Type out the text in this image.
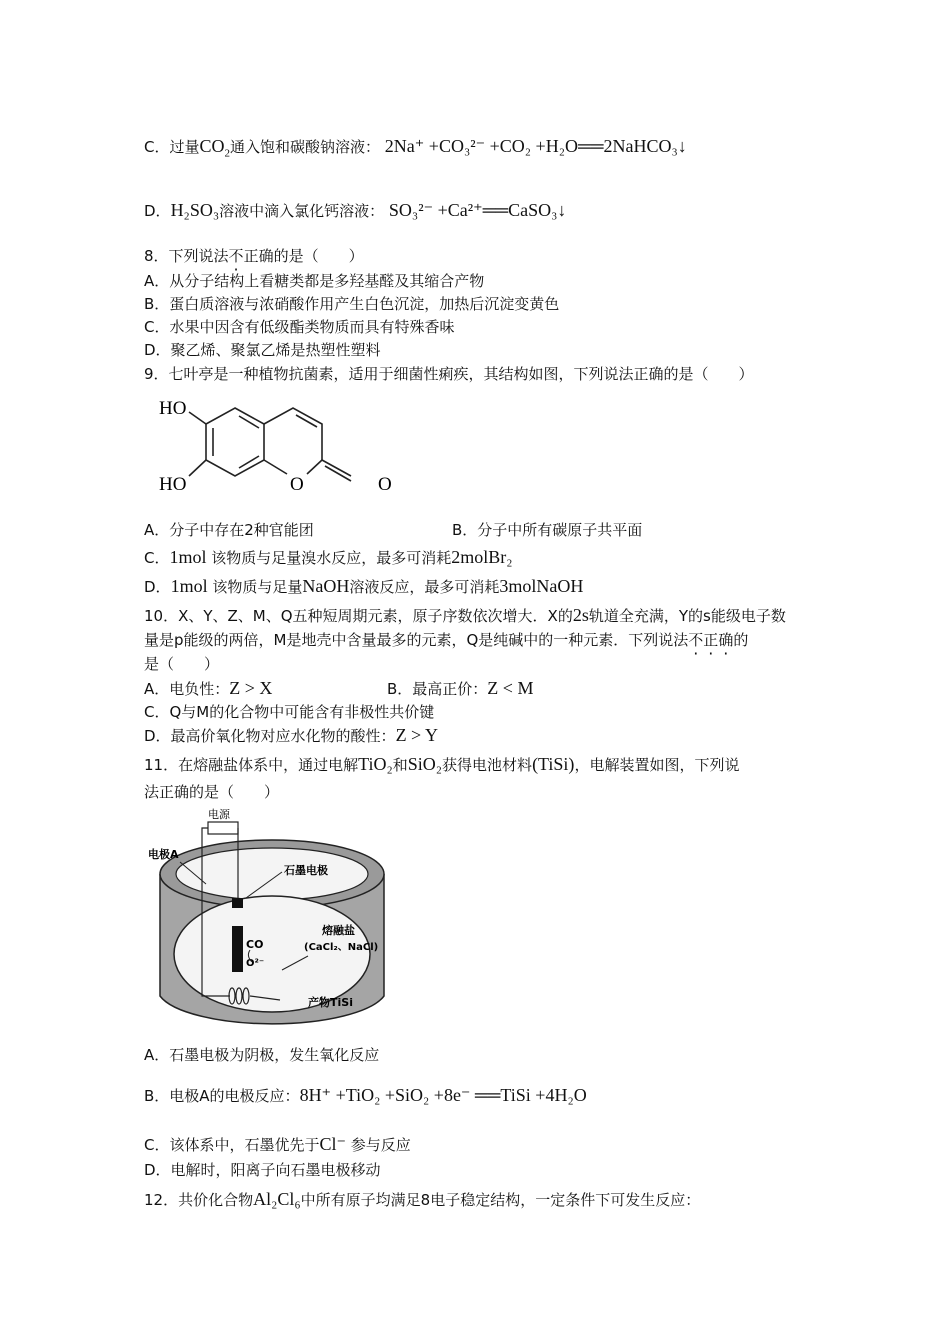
C．过量$CO_2$通入饱和碳酸钠溶液： 2Na⁺ +CO₃²⁻ +CO₂ +H₂O══2NaHCO₃↓
D．H₂SO₃溶液中滴入氯化钙溶液： SO₃²⁻ +Ca²⁺══CaSO₃↓
8．下列说法不正确的是（　　）
A．从分子结构上看糖类都是多羟基醛及其缩合产物
B．蛋白质溶液与浓硝酸作用产生白色沉淀，加热后沉淀变黄色
C．水果中因含有低级酯类物质而具有特殊香味
D．聚乙烯、聚氯乙烯是热塑性塑料
9．七叶亭是一种植物抗菌素，适用于细菌性痢疾，其结构如图，下列说法正确的是（　　）
HO
HO	O	O
A．分子中存在2种官能团	B．分子中所有碳原子共平面
C．1mol 该物质与足量溴水反应，最多可消耗2molBr₂
D．1mol 该物质与足量NaOH溶液反应，最多可消耗3molNaOH
10．X、Y、Z、M、Q五种短周期元素，原子序数依次增大．X的2s轨道全充满，Y的s能级电子数
量是p能级的两倍，M是地壳中含量最多的元素，Q是纯碱中的一种元素．下列说法不正确的
是（　　）
A．电负性：Z > X	B．最高正价：Z < M
C．Q与M的化合物中可能含有非极性共价键
D．最高价氧化物对应水化物的酸性：Z > Y
11．在熔融盐体系中，通过电解TiO₂和SiO₂获得电池材料(TiSi)，电解装置如图，下列说
法正确的是（　　）
电源
电极A
石墨电极
熔融盐
(CaCl₂、NaCl)
CO
O²⁻
产物TiSi
A．石墨电极为阴极，发生氧化反应
B．电极A的电极反应：8H⁺ +TiO₂ +SiO₂ +8e⁻ ══TiSi +4H₂O
C．该体系中，石墨优先于Cl⁻ 参与反应
D．电解时，阳离子向石墨电极移动
12．共价化合物Al₂Cl₆中所有原子均满足8电子稳定结构，一定条件下可发生反应：
